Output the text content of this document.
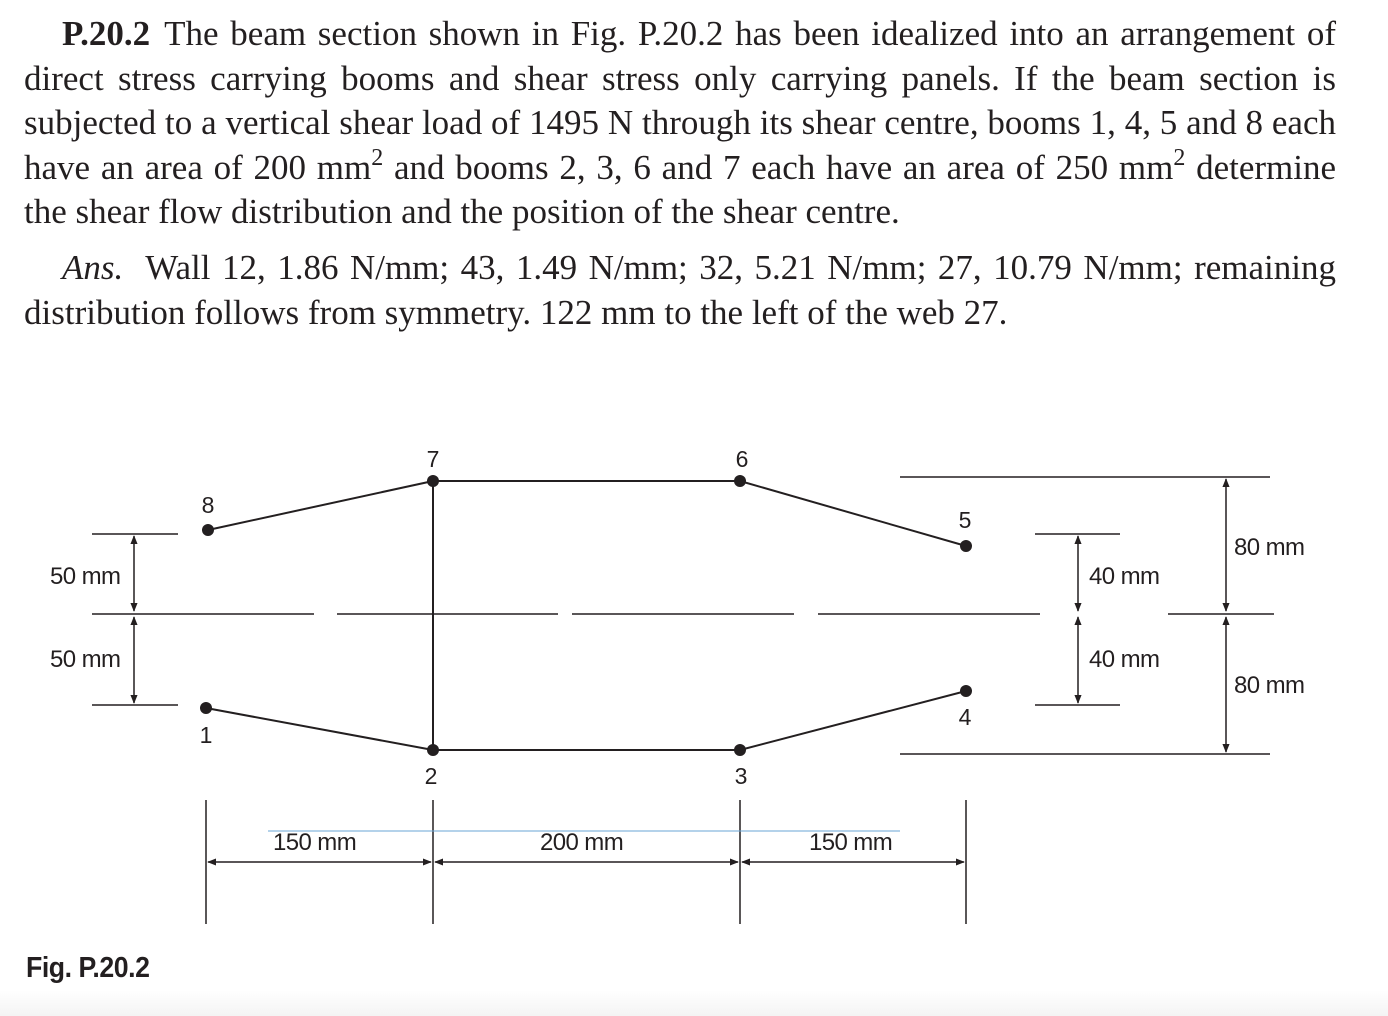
P.20.2 The beam section shown in Fig. P.20.2 has been idealized into an arrangement of direct stress carrying booms and shear stress only carrying panels. If the beam section is subjected to a vertical shear load of 1495 N through its shear centre, booms 1, 4, 5 and 8 each have an area of 200 $mm^2$ and booms 2, 3, 6 and 7 each have an area of 250 $mm^2$ determine the shear flow distribution and the position of the shear centre.

Ans. Wall 12, 1.86 N/mm; 43, 1.49 N/mm; 32, 5.21 N/mm; 27, 10.79 N/mm; remaining distribution follows from symmetry. 122 mm to the left of the web 27.

1
2	3
4
5
6
7
8
50 mm
50 mm
40 mm
40 mm
80 mm
80 mm
150 mm	200 mm	150 mm
Fig. P.20.2
